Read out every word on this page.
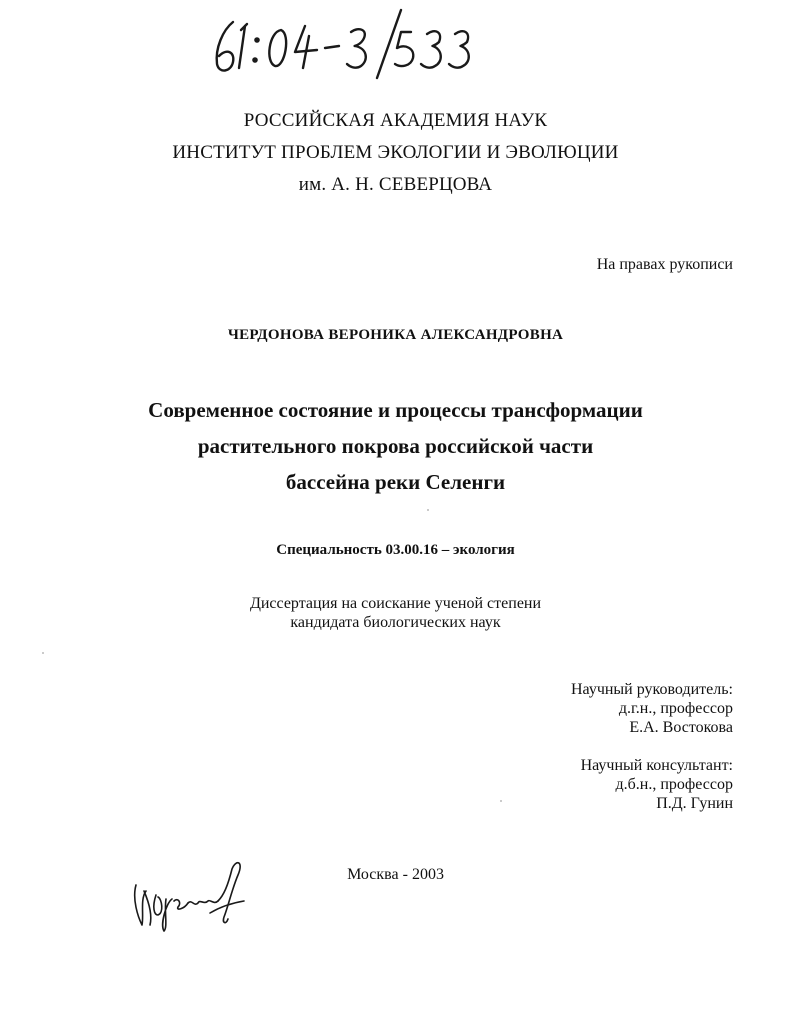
61:04-3/533
РОССИЙСКАЯ АКАДЕМИЯ НАУК
ИНСТИТУТ ПРОБЛЕМ ЭКОЛОГИИ И ЭВОЛЮЦИИ
им. А. Н. СЕВЕРЦОВА
На правах рукописи
ЧЕРДОНОВА ВЕРОНИКА АЛЕКСАНДРОВНА
Современное состояние и процессы трансформации
растительного покрова российской части
бассейна реки Селенги
Специальность 03.00.16 – экология
Диссертация на соискание ученой степени
кандидата биологических наук
Научный руководитель:
д.г.н., профессор
Е.А. Востокова
Научный консультант:
д.б.н., профессор
П.Д. Гунин
Москва - 2003
